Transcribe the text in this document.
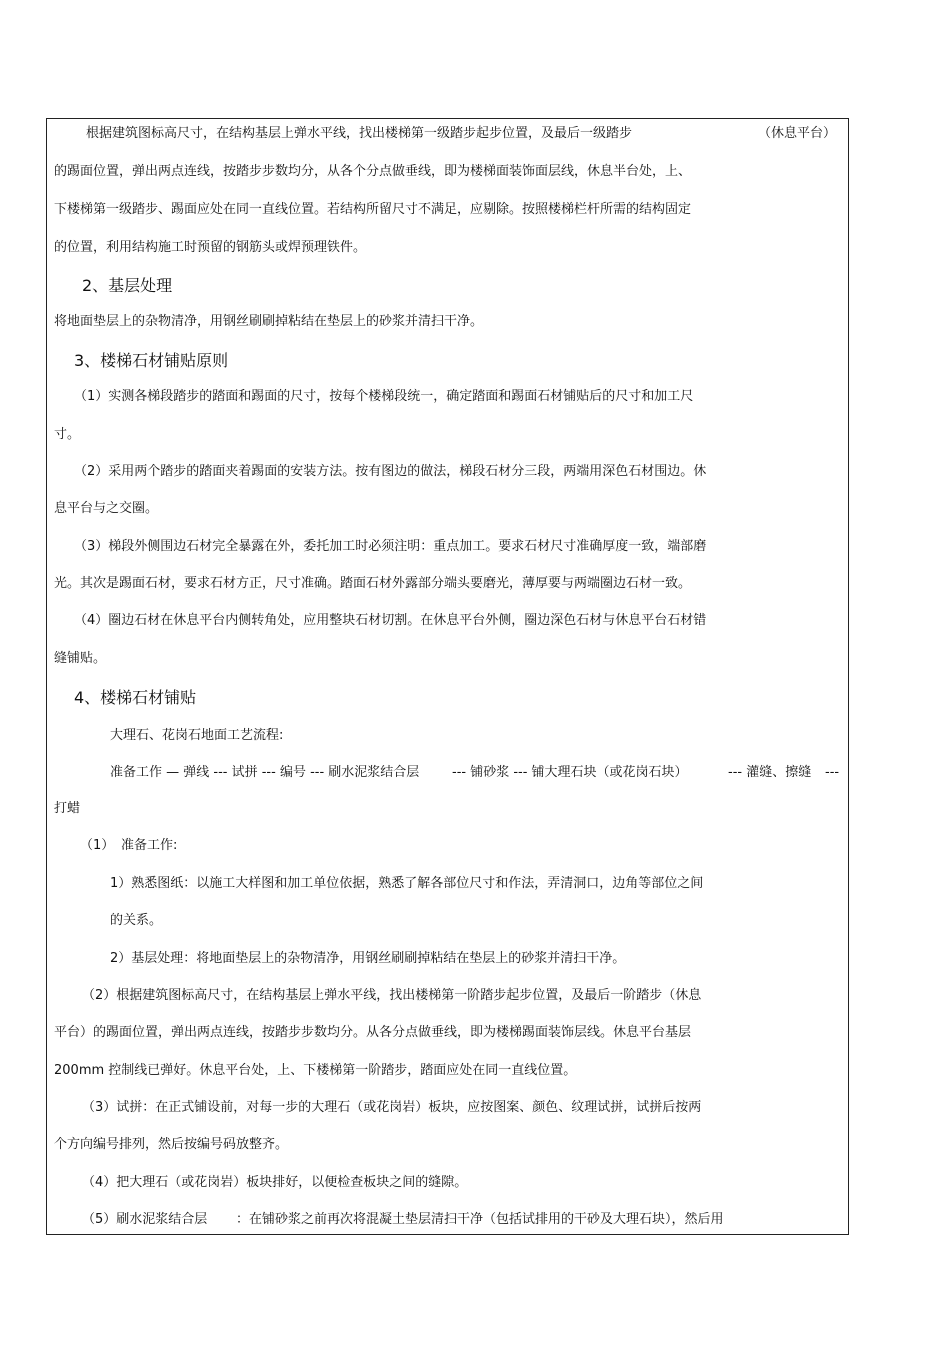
根据建筑图标高尺寸，在结构基层上弹水平线，找出楼梯第一级踏步起步位置，及最后一级踏步	（休息平台）
的踢面位置，弹出两点连线，按踏步步数均分，从各个分点做垂线，即为楼梯面装饰面层线，休息半台处，上、
下楼梯第一级踏步、踢面应处在同一直线位置。若结构所留尺寸不满足，应剔除。按照楼梯栏杆所需的结构固定
的位置，利用结构施工时预留的钢筋头或焊预理铁件。
2、基层处理
将地面垫层上的杂物清净，用钢丝刷刷掉粘结在垫层上的砂浆并清扫干净。
3、楼梯石材铺贴原则
（1）实测各梯段踏步的踏面和踢面的尺寸，按每个楼梯段统一，确定踏面和踢面石材铺贴后的尺寸和加工尺
寸。
（2）采用两个踏步的踏面夹着踢面的安装方法。按有图边的做法，梯段石材分三段，两端用深色石材围边。休
息平台与之交圈。
（3）梯段外侧围边石材完全暴露在外，委托加工时必须注明：重点加工。要求石材尺寸准确厚度一致，端部磨
光。其次是踢面石材，要求石材方正，尺寸准确。踏面石材外露部分端头要磨光，薄厚要与两端圈边石材一致。
（4）圈边石材在休息平台内侧转角处，应用整块石材切割。在休息平台外侧，圈边深色石材与休息平台石材错
缝铺贴。
4、楼梯石材铺贴
大理石、花岗石地面工艺流程:
准备工作 — 弹线 --- 试拼 --- 编号 --- 刷水泥浆结合层	--- 铺砂浆 --- 铺大理石块（或花岗石块）	--- 灌缝、擦缝 ---
打蜡
（1） 准备工作:
1）熟悉图纸：以施工大样图和加工单位依据，熟悉了解各部位尺寸和作法，弄清洞口，边角等部位之间
的关系。
2）基层处理：将地面垫层上的杂物清净，用钢丝刷刷掉粘结在垫层上的砂浆并清扫干净。
（2）根据建筑图标高尺寸，在结构基层上弹水平线，找出楼梯第一阶踏步起步位置，及最后一阶踏步（休息
平台）的踢面位置，弹出两点连线，按踏步步数均分。从各分点做垂线，即为楼梯踢面装饰层线。休息平台基层
200mm 控制线已弹好。休息平台处，上、下楼梯第一阶踏步，踏面应处在同一直线位置。
（3）试拼：在正式铺设前，对每一步的大理石（或花岗岩）板块，应按图案、颜色、纹理试拼，试拼后按两
个方向编号排列，然后按编号码放整齐。
（4）把大理石（或花岗岩）板块排好，以便检查板块之间的缝隙。
（5）刷水泥浆结合层 ：在铺砂浆之前再次将混凝土垫层清扫干净（包括试排用的干砂及大理石块），然后用
